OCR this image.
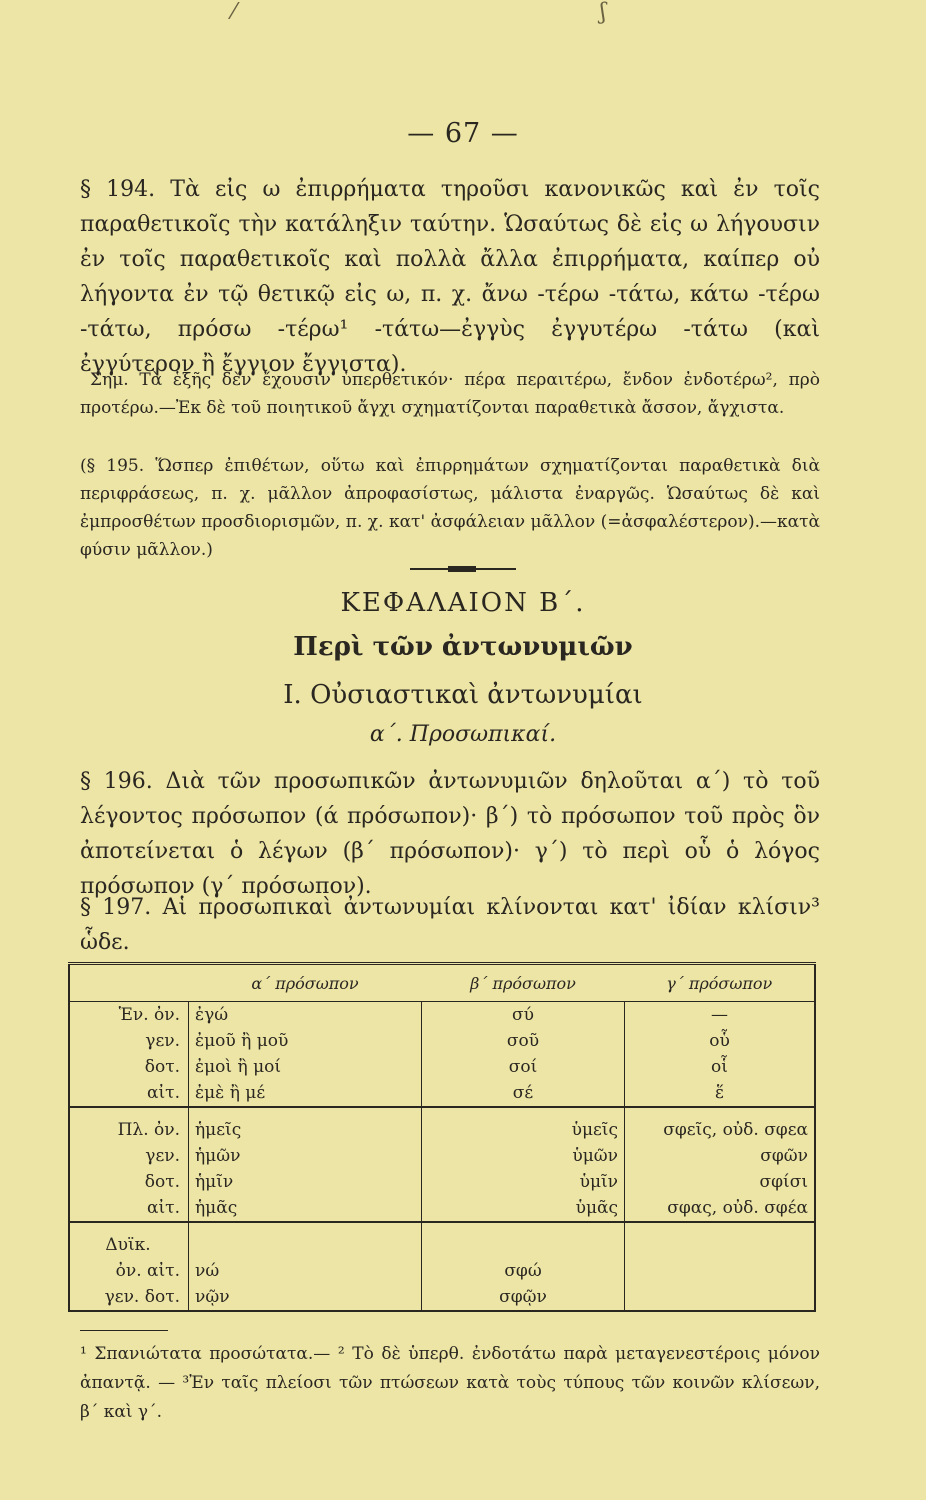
⁄	ʃ
— 67 —

§ 194. Τὰ εἰς ω ἐπιρρήματα τηροῦσι κανονικῶς καὶ ἐν τοῖς παραθετικοῖς τὴν κατάληξιν ταύτην. Ὡσαύτως δὲ εἰς ω λήγουσιν ἐν τοῖς παραθετικοῖς καὶ πολλὰ ἄλλα ἐπιρρήματα, καίπερ οὐ λήγοντα ἐν τῷ θετικῷ εἰς ω, π. χ. ἄνω -τέρω -τάτω, κάτω -τέρω -τάτω, πρόσω -τέρω¹ -τάτω—ἐγγὺς ἐγγυτέρω -τάτω (καὶ ἐγγύτερον ἢ ἔγγιον ἔγγιστα).

Σημ. Τὰ ἑξῆς δὲν ἔχουσιν ὑπερθετικόν· πέρα περαιτέρω, ἔνδον ἐνδοτέρω², πρὸ προτέρω.—Ἐκ δὲ τοῦ ποιητικοῦ ἄγχι σχηματίζονται παραθετικὰ ἄσσον, ἄγχιστα.

(§ 195. Ὥσπερ ἐπιθέτων, οὕτω καὶ ἐπιρρημάτων σχηματίζονται παραθετικὰ διὰ περιφράσεως, π. χ. μᾶλλον ἀπροφασίστως, μάλιστα ἐναργῶς. Ὡσαύτως δὲ καὶ ἐμπροσθέτων προσδιορισμῶν, π. χ. κατ' ἀσφάλειαν μᾶλλον (=ἀσφαλέστερον).—κατὰ φύσιν μᾶλλον.)

ΚΕΦΑΛΑΙΟΝ Β΄.
Περὶ τῶν ἀντωνυμιῶν
I. Οὐσιαστικαὶ ἀντωνυμίαι
α΄. Προσωπικαί.

§ 196. Διὰ τῶν προσωπικῶν ἀντωνυμιῶν δηλοῦται α΄) τὸ τοῦ λέγοντος πρόσωπον (ά πρόσωπον)· β΄) τὸ πρόσωπον τοῦ πρὸς ὃν ἀποτείνεται ὁ λέγων (β΄ πρόσωπον)· γ΄) τὸ περὶ οὗ ὁ λόγος πρόσωπον (γ΄ πρόσωπον).

§ 197. Αἱ προσωπικαὶ ἀντωνυμίαι κλίνονται κατ' ἰδίαν κλίσιν³ ὧδε.

	α΄ πρόσωπον	β΄ πρόσωπον	γ΄ πρόσωπον
Ἑν. ὀν.	ἐγώ	σύ	—
γεν.	ἐμοῦ ἢ μοῦ	σοῦ	οὗ
δοτ.	ἐμοὶ ἢ μοί	σοί	οἷ
αἰτ.	ἐμὲ ἢ μέ	σέ	ἕ
Πλ. ὀν.	ἡμεῖς	ὑμεῖς	σφεῖς, οὐδ. σφεα
γεν.	ἡμῶν	ὑμῶν	σφῶν
δοτ.	ἡμῖν	ὑμῖν	σφίσι
αἰτ.	ἡμᾶς	ὑμᾶς	σφας, οὐδ. σφέα
Δυϊκ.			
ὀν. αἰτ.	νώ	σφώ	
γεν. δοτ.	νῷν	σφῷν	

¹ Σπανιώτατα προσώτατα.— ² Τὸ δὲ ὑπερθ. ἐνδοτάτω παρὰ μεταγενεστέροις μόνον ἀπαντᾷ. — ³Ἐν ταῖς πλείοσι τῶν πτώσεων κατὰ τοὺς τύπους τῶν κοινῶν κλίσεων, β΄ καὶ γ΄.
